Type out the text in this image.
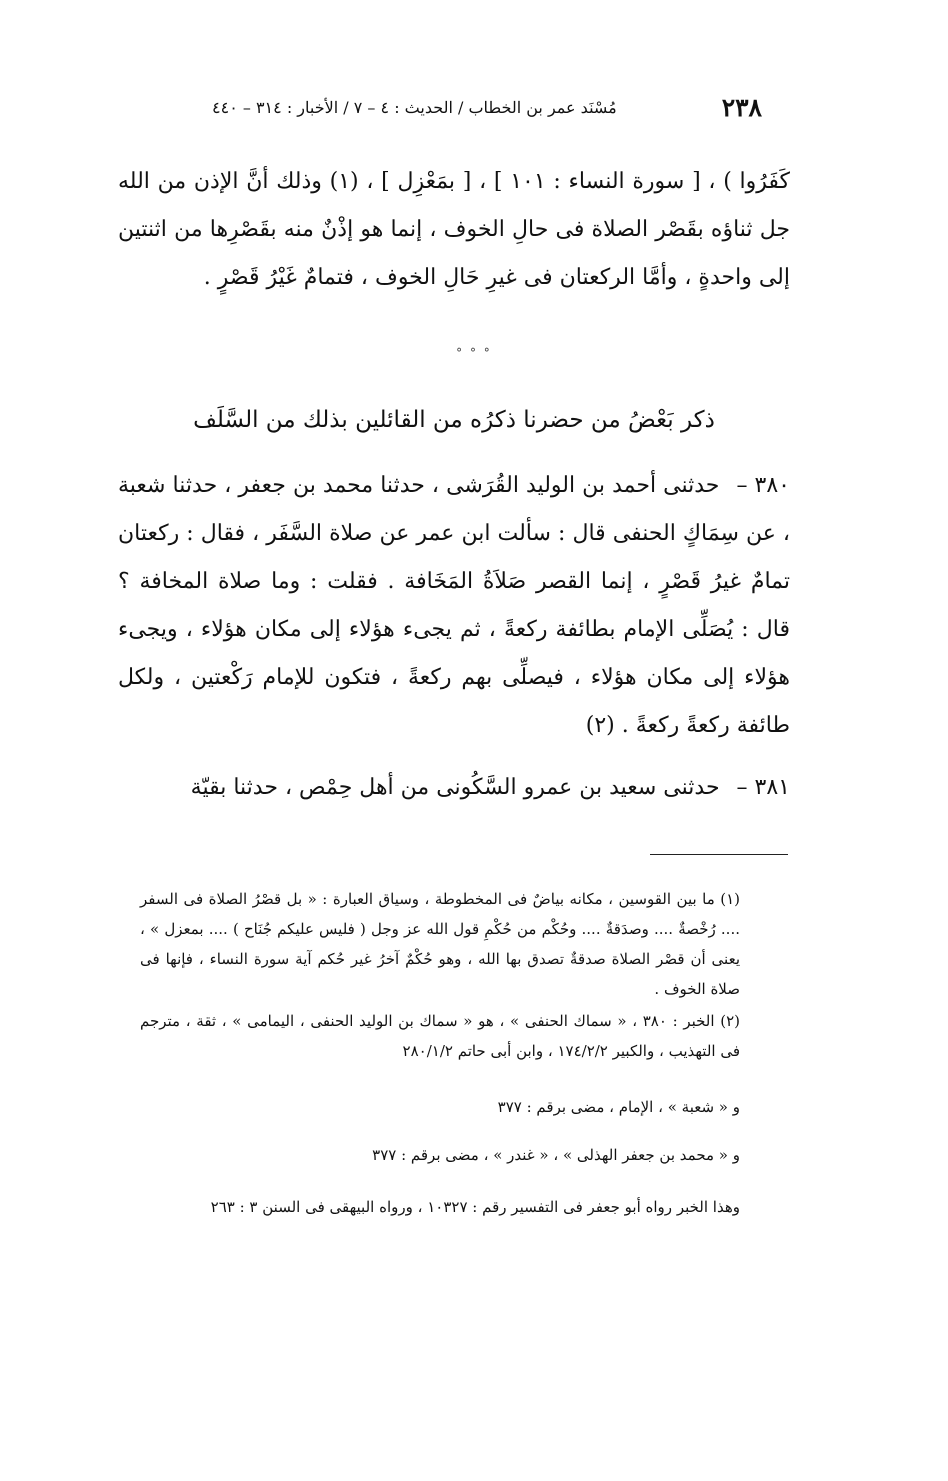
٢٣٨
مُسْنَد عمر بن الخطاب / الحديث : ٤ – ٧ / الأخبار : ٣١٤ – ٤٤٠
كَفَرُوا ) ، [ سورة النساء : ١٠١ ] ، [ بمَعْزِل ] ، (١) وذلك أنَّ الإذن من الله جل ثناؤه بقَصْر الصلاة فى حالِ الخوف ، إنما هو إذْنٌ منه بقَصْرِها من اثنتين إلى واحدةٍ ، وأمَّا الركعتان فى غيرِ حَالِ الخوف ، فتمامٌ غَيْرُ قَصْرٍ .
° ° °
ذكر بَعْضُ من حضرنا ذكرُه من القائلين بذلك من السَّلَف
٣٨٠ – حدثنى أحمد بن الوليد القُرَشى ، حدثنا محمد بن جعفر ، حدثنا شعبة ، عن سِمَاكٍ الحنفى قال : سألت ابن عمر عن صلاة السَّفَر ، فقال : ركعتان تمامٌ غيرُ قَصْرٍ ، إنما القصر صَلاَةُ المَخَافة . فقلت : وما صلاة المخافة ؟ قال : يُصَلِّى الإمام بطائفة ركعةً ، ثم يجىء هؤلاء إلى مكان هؤلاء ، ويجىء هؤلاء إلى مكان هؤلاء ، فيصلِّى بهم ركعةً ، فتكون للإمام رَكْعتين ، ولكل طائفة ركعةً ركعةً . (٢)
٣٨١ – حدثنى سعيد بن عمرو السَّكُونى من أهل حِمْص ، حدثنا بقيّة
(١) ما بين القوسين ، مكانه بياضٌ فى المخطوطة ، وسياق العبارة : « بل قصْرُ الصلاة فى السفر .... رُخْصةٌ .... وصدَقةٌ .... وحُكْم من حُكْمِ قول الله عز وجل ( فليس عليكم جُنَاح ) .... بمعزل » ، يعنى أن قصْر الصلاة صدقةٌ تصدق بها الله ، وهو حُكْمٌ آخرُ غير حُكم آية سورة النساء ، فإنها فى صلاة الخوف .
(٢) الخبر : ٣٨٠ ، « سماك الحنفى » ، هو « سماك بن الوليد الحنفى ، اليمامى » ، ثقة ، مترجم فى التهذيب ، والكبير ١٧٤/٢/٢ ، وابن أبى حاتم ٢٨٠/١/٢
و « شعبة » ، الإمام ، مضى برقم : ٣٧٧
و « محمد بن جعفر الهذلى » ، « غندر » ، مضى برقم : ٣٧٧
وهذا الخبر رواه أبو جعفر فى التفسير رقم : ١٠٣٢٧ ، ورواه البيهقى فى السنن ٣ : ٢٦٣
